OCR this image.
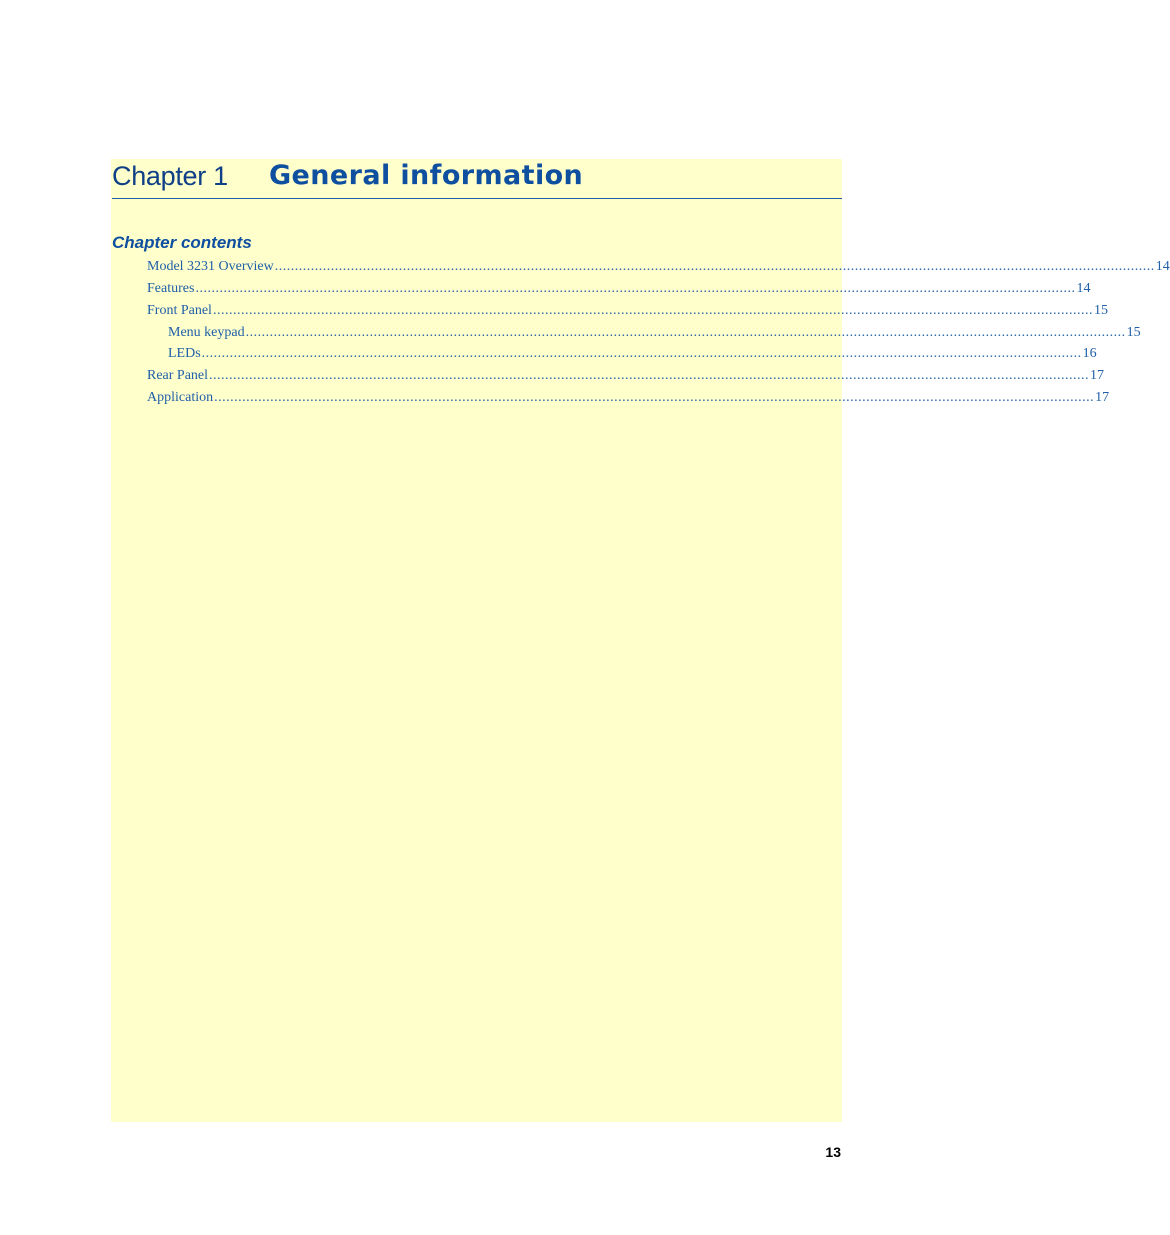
Chapter 1 General information
Chapter contents
Model 3231 Overview ............................................................................................................................................................................................................................ 14
Features ............................................................................................................................................................................................................................ 14
Front Panel ............................................................................................................................................................................................................................ 15
Menu keypad ............................................................................................................................................................................................................................ 15
LEDs ............................................................................................................................................................................................................................ 16
Rear Panel ............................................................................................................................................................................................................................ 17
Application ............................................................................................................................................................................................................................ 17
13
